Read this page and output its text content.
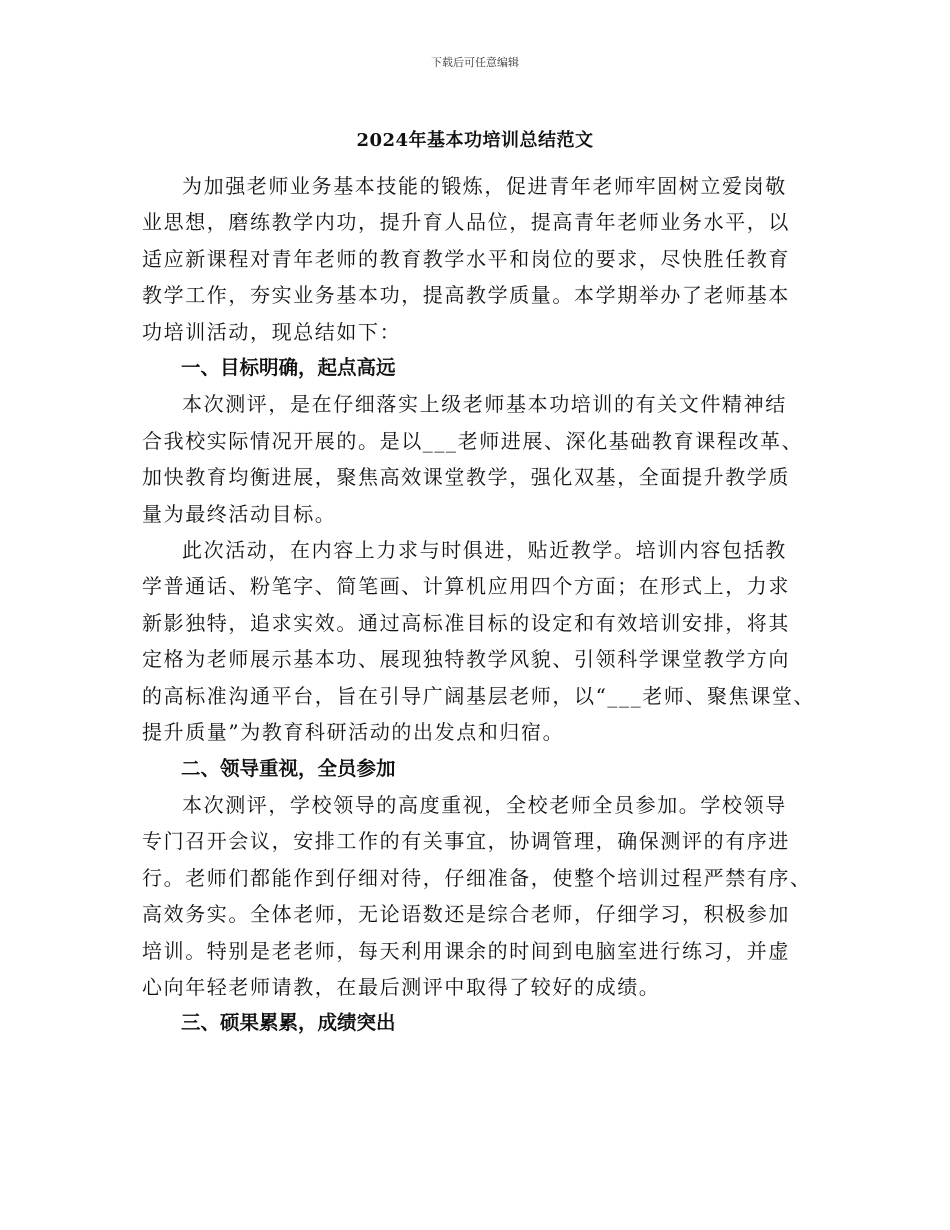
下载后可任意编辑
2024年基本功培训总结范文
为加强老师业务基本技能的锻炼，促进青年老师牢固树立爱岗敬
业思想，磨练教学内功，提升育人品位，提高青年老师业务水平，以
适应新课程对青年老师的教育教学水平和岗位的要求，尽快胜任教育
教学工作，夯实业务基本功，提高教学质量。本学期举办了老师基本
功培训活动，现总结如下：
一、目标明确，起点高远
本次测评，是在仔细落实上级老师基本功培训的有关文件精神结
合我校实际情况开展的。是以___老师进展、深化基础教育课程改革、
加快教育均衡进展，聚焦高效课堂教学，强化双基，全面提升教学质
量为最终活动目标。
此次活动，在内容上力求与时俱进，贴近教学。培训内容包括教
学普通话、粉笔字、简笔画、计算机应用四个方面；在形式上，力求
新影独特，追求实效。通过高标准目标的设定和有效培训安排，将其
定格为老师展示基本功、展现独特教学风貌、引领科学课堂教学方向
的高标准沟通平台，旨在引导广阔基层老师，以“___老师、聚焦课堂、
提升质量”为教育科研活动的出发点和归宿。
二、领导重视，全员参加
本次测评，学校领导的高度重视，全校老师全员参加。学校领导
专门召开会议，安排工作的有关事宜，协调管理，确保测评的有序进
行。老师们都能作到仔细对待，仔细准备，使整个培训过程严禁有序、
高效务实。全体老师，无论语数还是综合老师，仔细学习，积极参加
培训。特别是老老师，每天利用课余的时间到电脑室进行练习，并虚
心向年轻老师请教，在最后测评中取得了较好的成绩。
三、硕果累累，成绩突出
